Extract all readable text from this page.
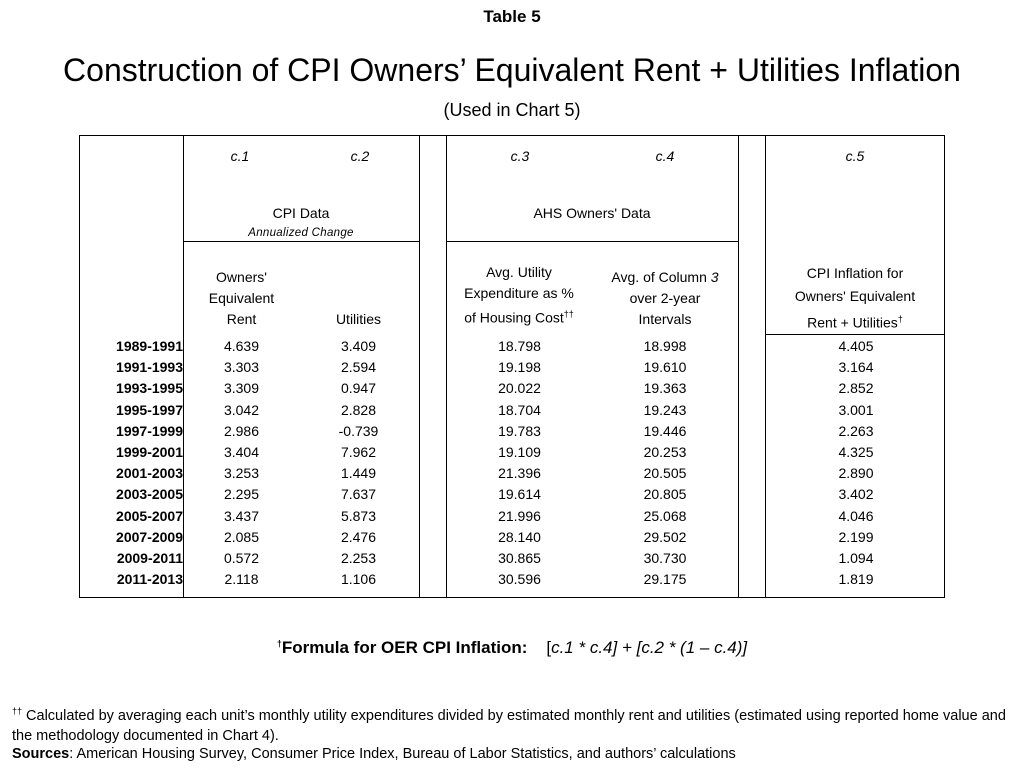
Table 5
Construction of CPI Owners’ Equivalent Rent + Utilities Inflation
(Used in Chart 5)
c.1	c.2	c.3	c.4	c.5
CPI Data
Annualized Change
AHS Owners' Data
Owners'
Equivalent
Rent	Utilities
Avg. Utility
Expenditure as %
of Housing Cost††
Avg. of Column 3
over 2-year
Intervals
CPI Inflation for
Owners' Equivalent
Rent + Utilities†
1989-1991	4.639	3.409	18.798	18.998	4.405
1991-1993	3.303	2.594	19.198	19.610	3.164
1993-1995	3.309	0.947	20.022	19.363	2.852
1995-1997	3.042	2.828	18.704	19.243	3.001
1997-1999	2.986	-0.739	19.783	19.446	2.263
1999-2001	3.404	7.962	19.109	20.253	4.325
2001-2003	3.253	1.449	21.396	20.505	2.890
2003-2005	2.295	7.637	19.614	20.805	3.402
2005-2007	3.437	5.873	21.996	25.068	4.046
2007-2009	2.085	2.476	28.140	29.502	2.199
2009-2011	0.572	2.253	30.865	30.730	1.094
2011-2013	2.118	1.106	30.596	29.175	1.819
†Formula for OER CPI Inflation: [c.1 * c.4] + [c.2 * (1 – c.4)]
†† Calculated by averaging each unit’s monthly utility expenditures divided by estimated monthly rent and utilities (estimated using reported home value and the methodology documented in Chart 4).
Sources: American Housing Survey, Consumer Price Index, Bureau of Labor Statistics, and authors’ calculations
